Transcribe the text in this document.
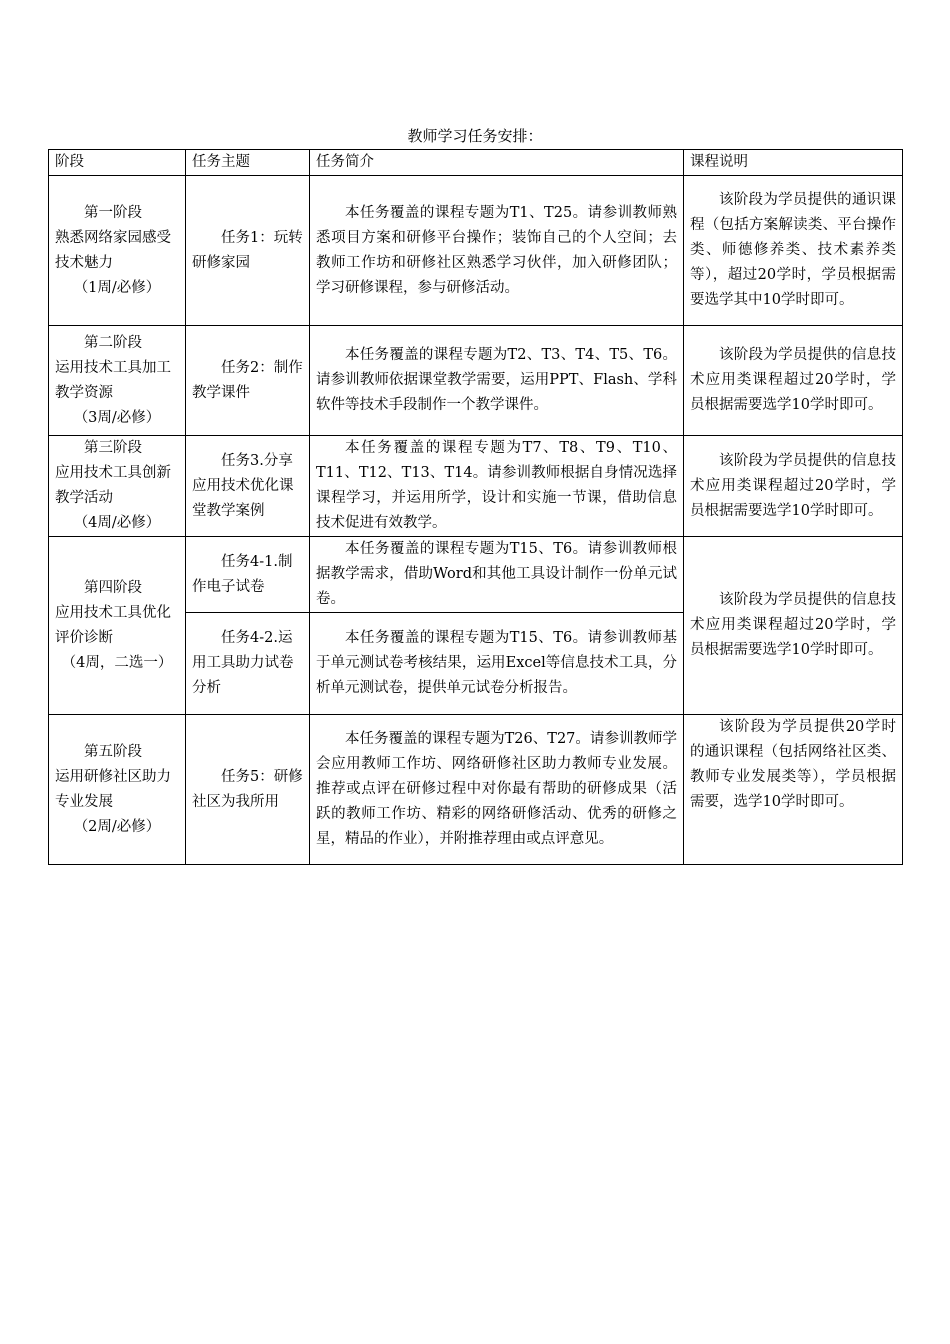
教师学习任务安排：
阶段	任务主题	任务简介	课程说明

第一阶段
熟悉网络家园感受技术魅力
（1周/必修）	任务1：玩转研修家园	本任务覆盖的课程专题为T1、T25。请参训教师熟悉项目方案和研修平台操作；装饰自己的个人空间；去教师工作坊和研修社区熟悉学习伙伴，加入研修团队；学习研修课程，参与研修活动。	该阶段为学员提供的通识课程（包括方案解读类、平台操作类、师德修养类、技术素养类等），超过20学时，学员根据需要选学其中10学时即可。

第二阶段
运用技术工具加工教学资源
（3周/必修）	任务2：制作教学课件	本任务覆盖的课程专题为T2、T3、T4、T5、T6。请参训教师依据课堂教学需要，运用PPT、Flash、学科软件等技术手段制作一个教学课件。	该阶段为学员提供的信息技术应用类课程超过20学时，学员根据需要选学10学时即可。

第三阶段
应用技术工具创新教学活动
（4周/必修）	任务3.分享应用技术优化课堂教学案例	本任务覆盖的课程专题为T7、T8、T9、T10、T11、T12、T13、T14。请参训教师根据自身情况选择课程学习，并运用所学，设计和实施一节课，借助信息技术促进有效教学。	该阶段为学员提供的信息技术应用类课程超过20学时，学员根据需要选学10学时即可。

第四阶段
应用技术工具优化评价诊断
（4周，二选一）	任务4-1.制作电子试卷	本任务覆盖的课程专题为T15、T6。请参训教师根据教学需求，借助Word和其他工具设计制作一份单元试卷。	该阶段为学员提供的信息技术应用类课程超过20学时，学员根据需要选学10学时即可。
	任务4-2.运用工具助力试卷分析	本任务覆盖的课程专题为T15、T6。请参训教师基于单元测试卷考核结果，运用Excel等信息技术工具，分析单元测试卷，提供单元试卷分析报告。	

第五阶段
运用研修社区助力专业发展
（2周/必修）	任务5：研修社区为我所用	本任务覆盖的课程专题为T26、T27。请参训教师学会应用教师工作坊、网络研修社区助力教师专业发展。推荐或点评在研修过程中对你最有帮助的研修成果（活跃的教师工作坊、精彩的网络研修活动、优秀的研修之星，精品的作业），并附推荐理由或点评意见。	该阶段为学员提供20学时的通识课程（包括网络社区类、教师专业发展类等），学员根据需要，选学10学时即可。
